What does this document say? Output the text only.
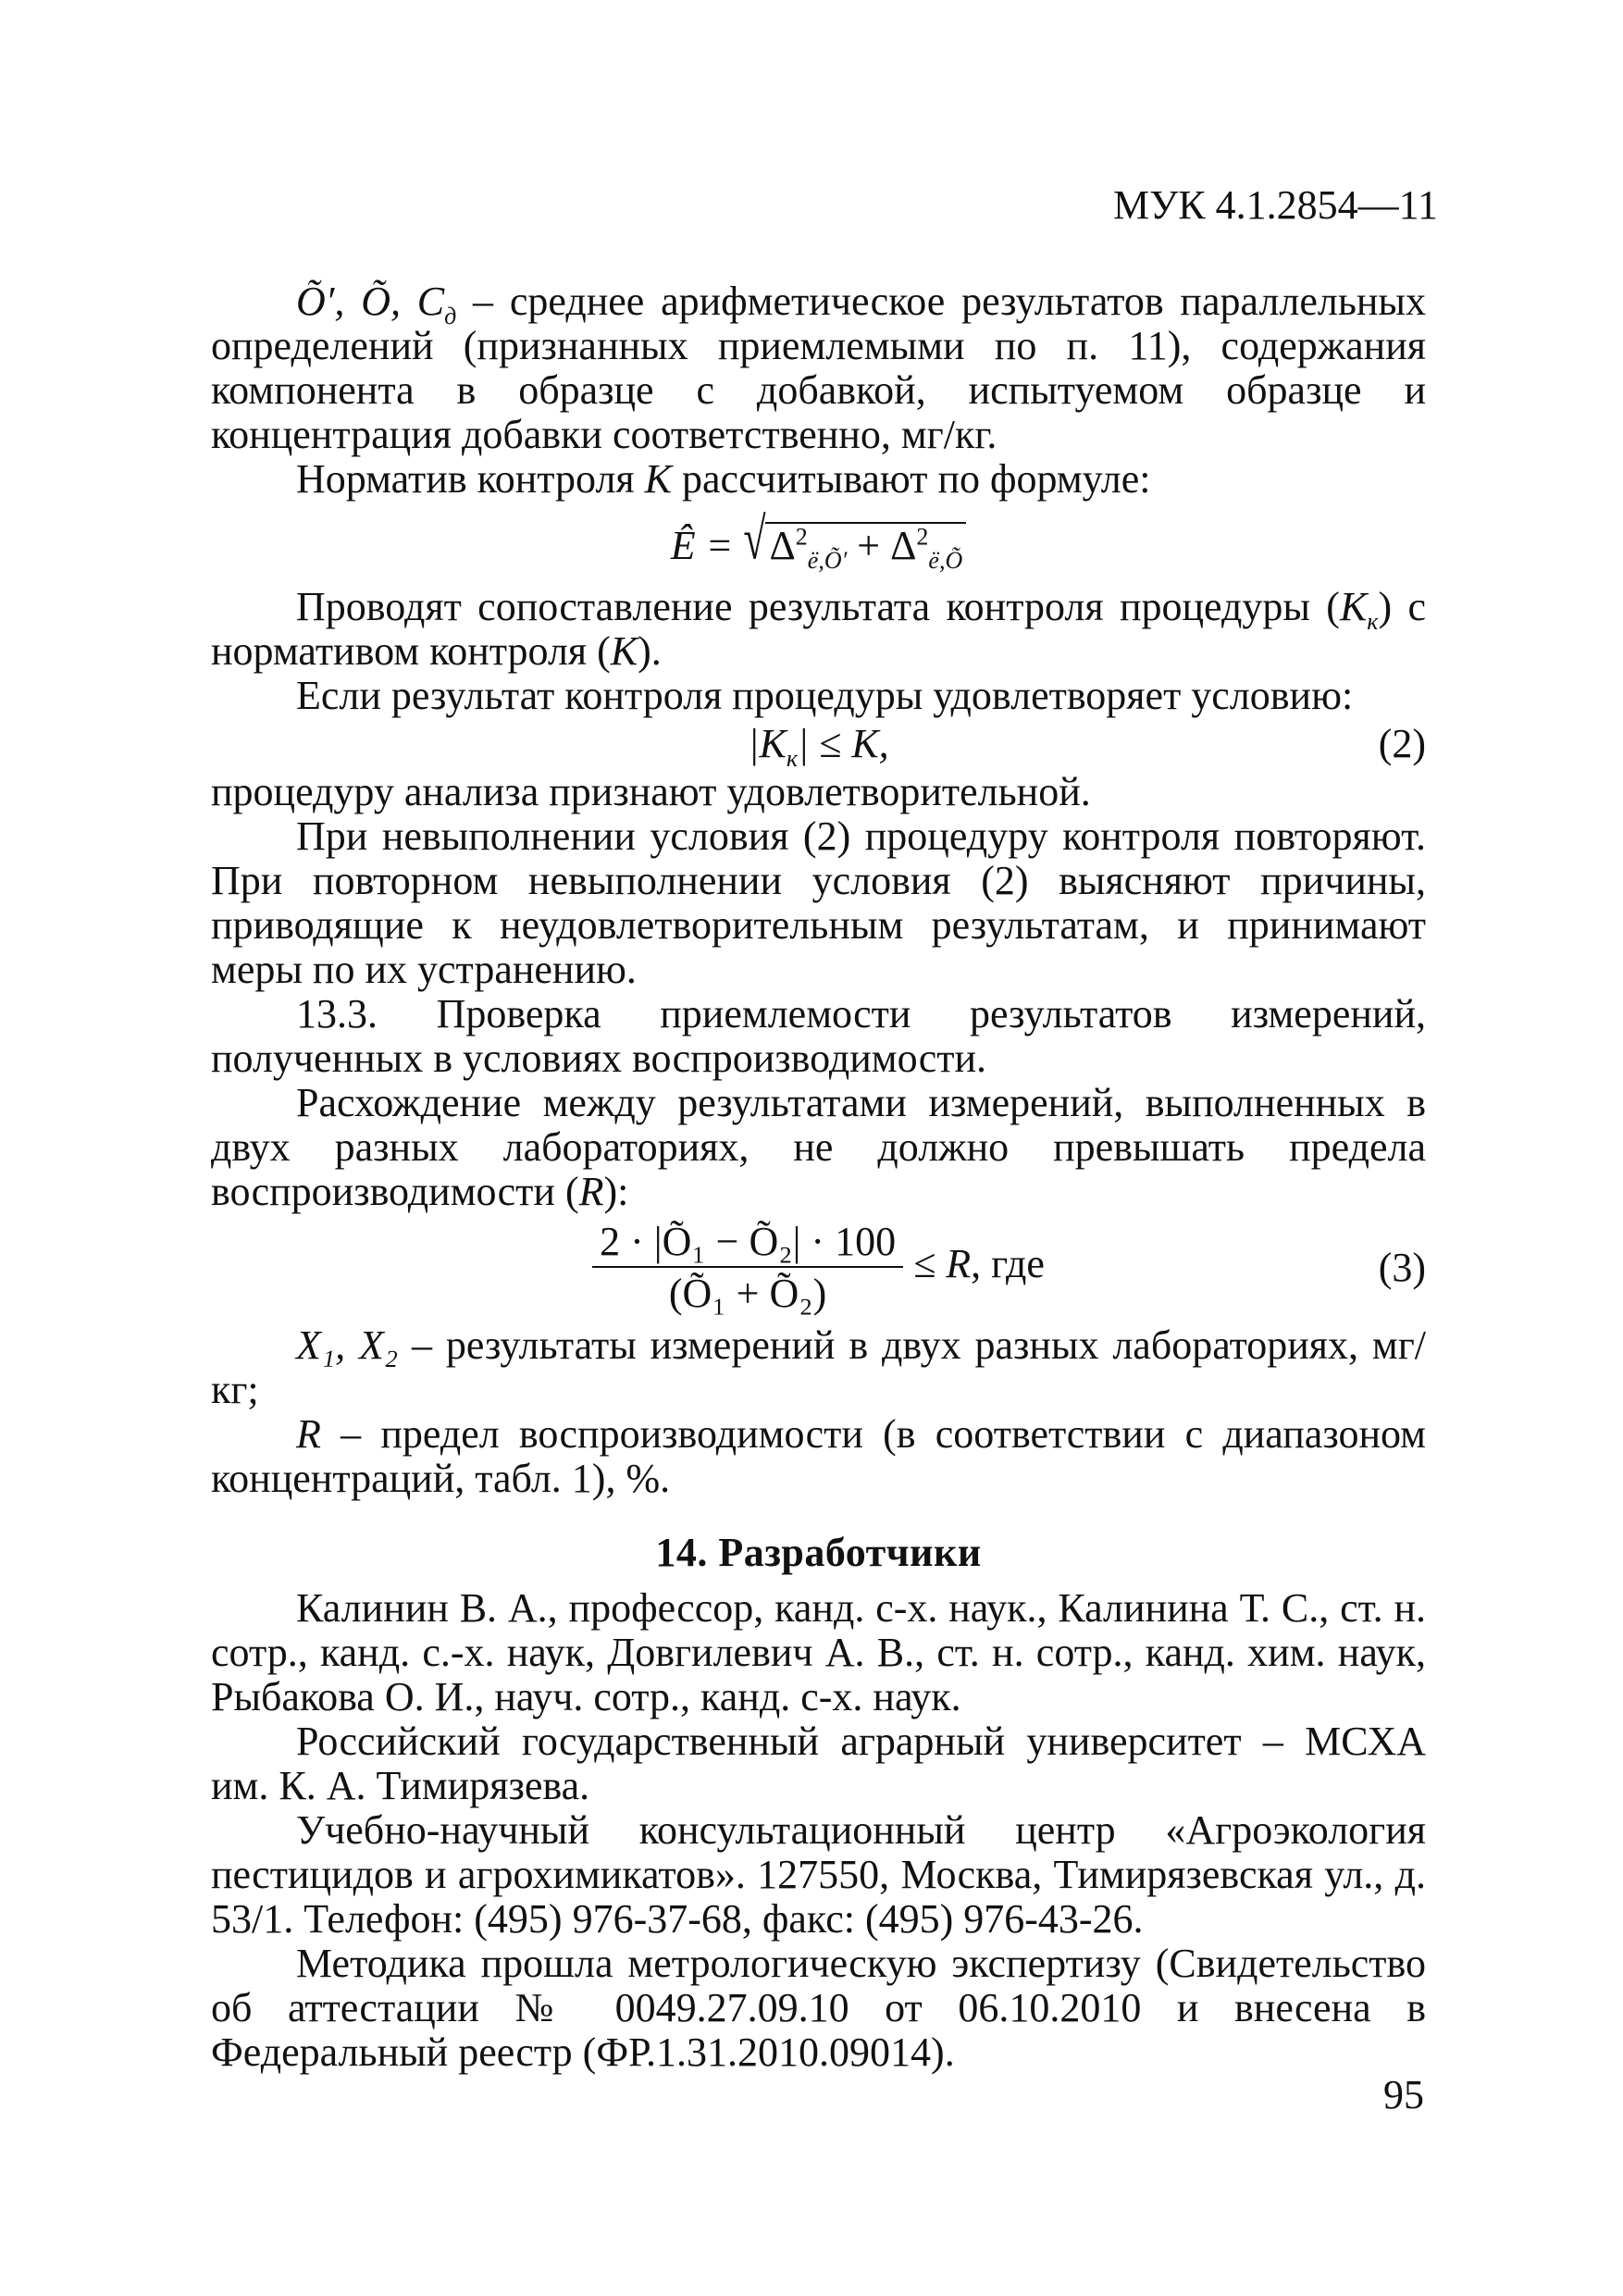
МУК 4.1.2854—11

Õ′, Õ, $C_д$ – среднее арифметическое результатов параллельных определений (признанных приемлемыми по п. 11), содержания компонента в образце с добавкой, испытуемом образце и концентрация добавки соответственно, мг/кг.

Норматив контроля K рассчитывают по формуле:

Ê = $√\Delta^2_{ë,Õ'} + \Delta^2_{ë,Õ}$

Проводят сопоставление результата контроля процедуры $(K_к)$ с нормативом контроля (K).

Если результат контроля процедуры удовлетворяет условию:

$|K_к| \le K$,	(2)

процедуру анализа признают удовлетворительной.

При невыполнении условия (2) процедуру контроля повторяют. При повторном невыполнении условия (2) выясняют причины, приводящие к неудовлетворительным результатам, и принимают меры по их устранению.

13.3. Проверка приемлемости результатов измерений, полученных в условиях воспроизводимости.

Расхождение между результатами измерений, выполненных в двух разных лабораториях, не должно превышать предела воспроизводимости (R):

$\frac{\text{2 · |Õ₁ − Õ₂| · 100}}{\text{(Õ₁ + Õ₂)}} \le R$, где	(3)

X₁, X₂ – результаты измерений в двух разных лабораториях, мг/кг;

R – предел воспроизводимости (в соответствии с диапазоном концентраций, табл. 1), %.

14. Разработчики

Калинин В. А., профессор, канд. с-х. наук., Калинина Т. С., ст. н. сотр., канд. с.-х. наук, Довгилевич А. В., ст. н. сотр., канд. хим. наук, Рыбакова О. И., науч. сотр., канд. с-х. наук.

Российский государственный аграрный университет – МСХА им. К. А. Тимирязева.

Учебно-научный консультационный центр «Агроэкология пестицидов и агрохимикатов». 127550, Москва, Тимирязевская ул., д. 53/1. Телефон: (495) 976-37-68, факс: (495) 976-43-26.

Методика прошла метрологическую экспертизу (Свидетельство об аттестации № 0049.27.09.10 от 06.10.2010 и внесена в Федеральный реестр (ФР.1.31.2010.09014).

95
